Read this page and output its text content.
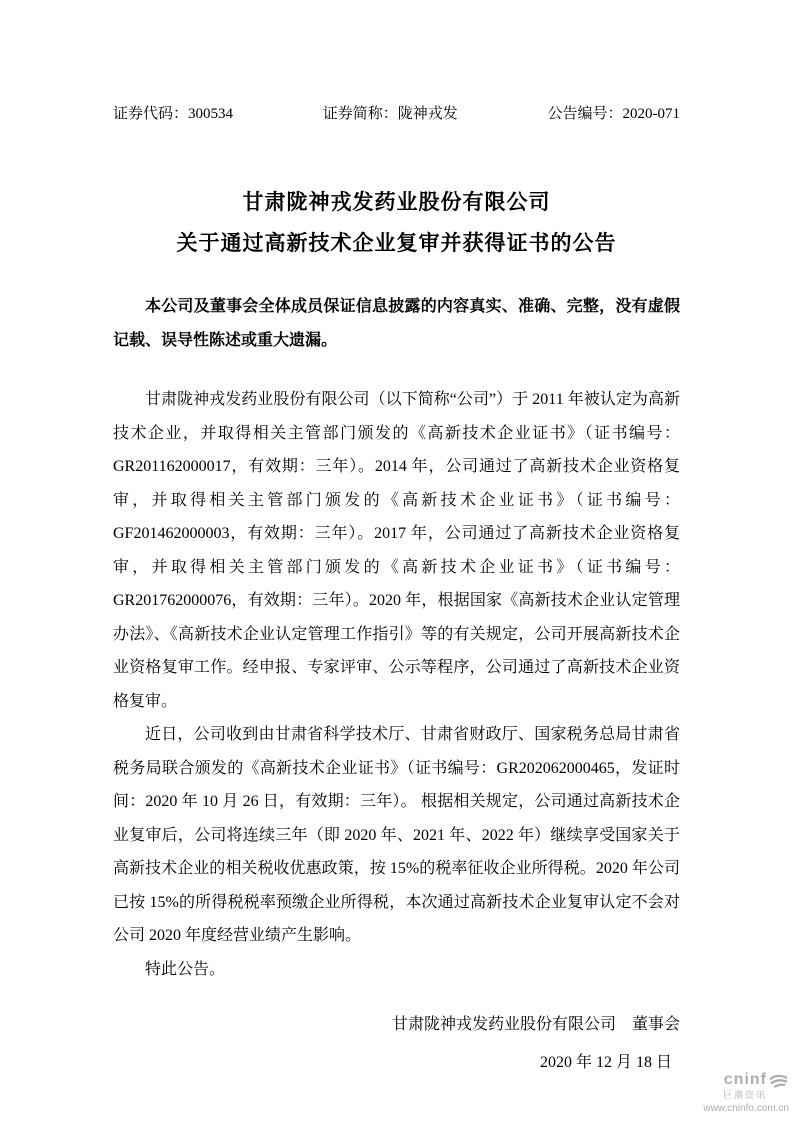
证券代码：300534	证券简称：陇神戎发	公告编号：2020-071
甘肃陇神戎发药业股份有限公司
关于通过高新技术企业复审并获得证书的公告
本公司及董事会全体成员保证信息披露的内容真实、准确、完整，没有虚假记载、误导性陈述或重大遗漏。

甘肃陇神戎发药业股份有限公司（以下简称“公司”）于 2011 年被认定为高新技术企业，并取得相关主管部门颁发的《高新技术企业证书》（证书编号：GR201162000017，有效期：三年）。2014 年，公司通过了高新技术企业资格复审，并取得相关主管部门颁发的《高新技术企业证书》（证书编号：GF201462000003，有效期：三年）。2017 年，公司通过了高新技术企业资格复审，并取得相关主管部门颁发的《高新技术企业证书》（证书编号：GR201762000076，有效期：三年）。2020 年，根据国家《高新技术企业认定管理办法》、《高新技术企业认定管理工作指引》等的有关规定，公司开展高新技术企业资格复审工作。经申报、专家评审、公示等程序，公司通过了高新技术企业资格复审。

近日，公司收到由甘肃省科学技术厅、甘肃省财政厅、国家税务总局甘肃省税务局联合颁发的《高新技术企业证书》（证书编号：GR202062000465，发证时间：2020 年 10 月 26 日，有效期：三年）。 根据相关规定，公司通过高新技术企业复审后，公司将连续三年（即 2020 年、2021 年、2022 年）继续享受国家关于高新技术企业的相关税收优惠政策，按 15%的税率征收企业所得税。2020 年公司已按 15%的所得税税率预缴企业所得税，本次通过高新技术企业复审认定不会对公司 2020 年度经营业绩产生影响。

特此公告。

甘肃陇神戎发药业股份有限公司　董事会
2020 年 12 月 18 日
cninf
巨潮资讯
www.cninfo.com.cn
